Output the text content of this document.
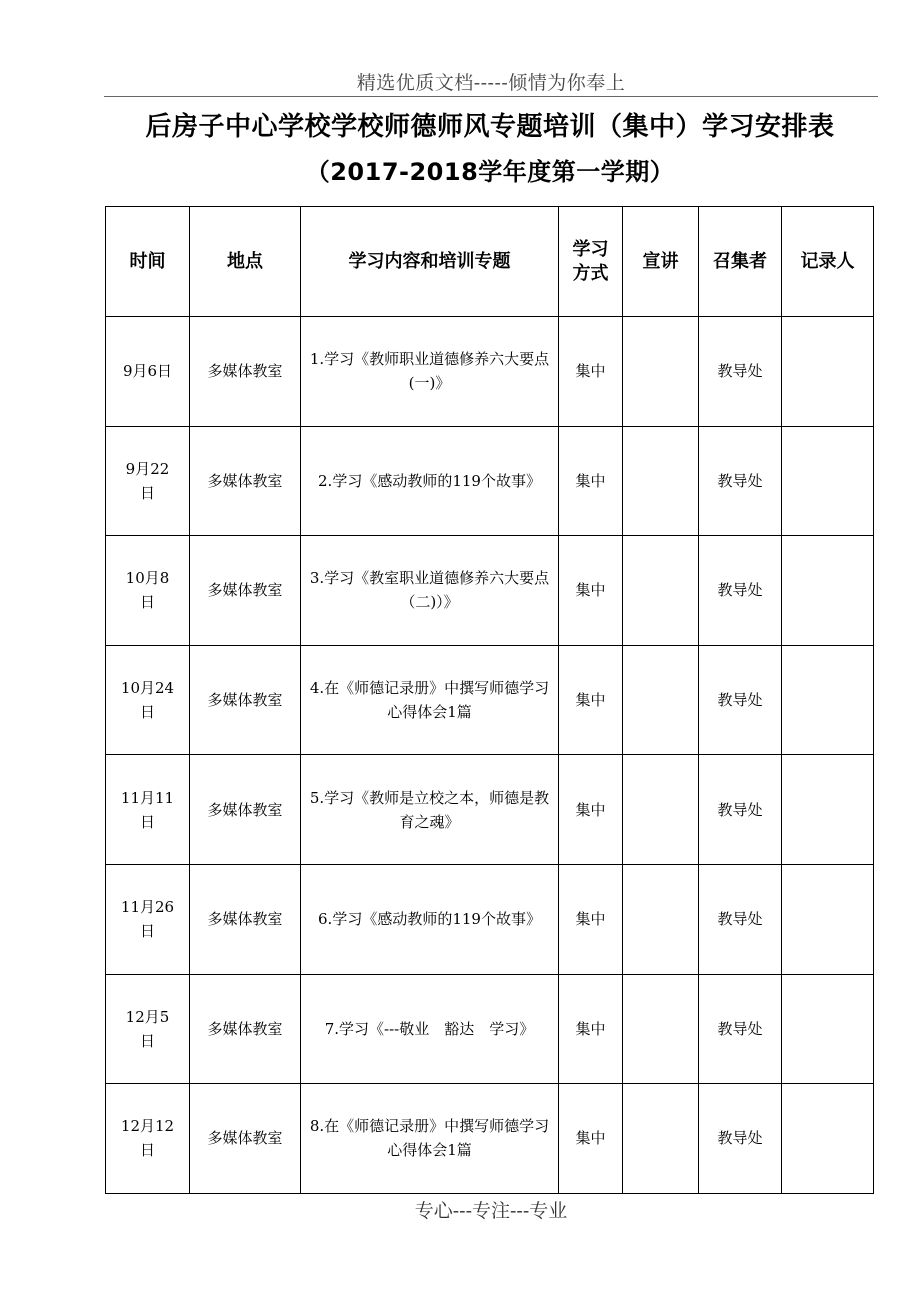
精选优质文档-----倾情为你奉上
后房子中心学校学校师德师风专题培训（集中）学习安排表
（2017-2018学年度第一学期）
时间	地点	学习内容和培训专题	学习方式	宣讲	召集者	记录人
9月6日	多媒体教室	1.学习《教师职业道德修养六大要点(一)》	集中		教导处	
9月22日	多媒体教室	2.学习《感动教师的119个故事》	集中		教导处	
10月8日	多媒体教室	3.学习《教室职业道德修养六大要点（二)）》	集中		教导处	
10月24日	多媒体教室	4.在《师德记录册》中撰写师德学习心得体会1篇	集中		教导处	
11月11日	多媒体教室	5.学习《教师是立校之本，师德是教育之魂》	集中		教导处	
11月26日	多媒体教室	6.学习《感动教师的119个故事》	集中		教导处	
12月5日	多媒体教室	7.学习《---敬业　豁达　学习》	集中		教导处	
12月12日	多媒体教室	8.在《师德记录册》中撰写师德学习心得体会1篇	集中		教导处	
专心---专注---专业
